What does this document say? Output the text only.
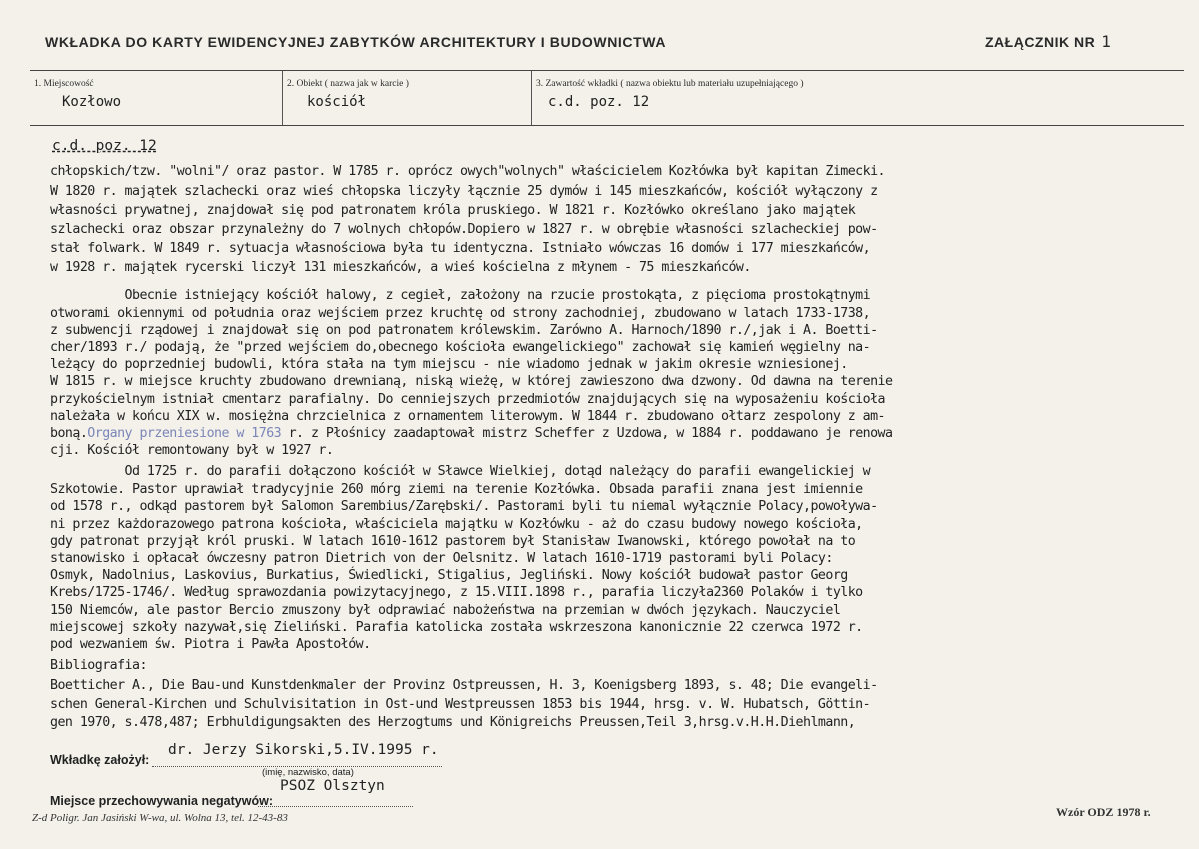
WKŁADKA DO KARTY EWIDENCYJNEJ ZABYTKÓW ARCHITEKTURY I BUDOWNICTWA	ZAŁĄCZNIK NR 1
1. Miejscowość
Kozłowo
2. Obiekt ( nazwa jak w karcie )
kościół
3. Zawartość wkładki ( nazwa obiektu lub materiału uzupełniającego )
c.d. poz. 12
c.d. poz. 12

chłopskich/tzw. "wolni"/ oraz pastor. W 1785 r. oprócz owych"wolnych" właścicielem Kozłówka był kapitan Zimecki.

W 1820 r. majątek szlachecki oraz wieś chłopska liczyły łącznie 25 dymów i 145 mieszkańców, kościół wyłączony z

własności prywatnej, znajdował się pod patronatem króla pruskiego. W 1821 r. Kozłówko określano jako majątek

szlachecki oraz obszar przynależny do 7 wolnych chłopów.Dopiero w 1827 r. w obrębie własności szlacheckiej pow-

stał folwark. W 1849 r. sytuacja własnościowa była tu identyczna. Istniało wówczas 16 domów i 177 mieszkańców,

w 1928 r. majątek rycerski liczył 131 mieszkańców, a wieś kościelna z młynem - 75 mieszkańców.

Obecnie istniejący kościół halowy, z cegieł, założony na rzucie prostokąta, z pięcioma prostokątnymi

otworami okiennymi od południa oraz wejściem przez kruchtę od strony zachodniej, zbudowano w latach 1733-1738,

z subwencji rządowej i znajdował się on pod patronatem królewskim. Zarówno A. Harnoch/1890 r./,jak i A. Boetti-

cher/1893 r./ podają, że "przed wejściem do,obecnego kościoła ewangelickiego" zachował się kamień węgielny na-

leżący do poprzedniej budowli, która stała na tym miejscu - nie wiadomo jednak w jakim okresie wzniesionej.

W 1815 r. w miejsce kruchty zbudowano drewnianą, niską wieżę, w której zawieszono dwa dzwony. Od dawna na terenie

przykościelnym istniał cmentarz parafialny. Do cenniejszych przedmiotów znajdujących się na wyposażeniu kościoła

należała w końcu XIX w. mosiężna chrzcielnica z ornamentem literowym. W 1844 r. zbudowano ołtarz zespolony z am-

boną.Organy przeniesione w 1763 r. z Płośnicy zaadaptował mistrz Scheffer z Uzdowa, w 1884 r. poddawano je renowa

cji. Kościół remontowany był w 1927 r.

Od 1725 r. do parafii dołączono kościół w Sławce Wielkiej, dotąd należący do parafii ewangelickiej w

Szkotowie. Pastor uprawiał tradycyjnie 260 mórg ziemi na terenie Kozłówka. Obsada parafii znana jest imiennie

od 1578 r., odkąd pastorem był Salomon Sarembius/Zarębski/. Pastorami byli tu niemal wyłącznie Polacy,powoływa-

ni przez każdorazowego patrona kościoła, właściciela majątku w Kozłówku - aż do czasu budowy nowego kościoła,

gdy patronat przyjął król pruski. W latach 1610-1612 pastorem był Stanisław Iwanowski, którego powołał na to

stanowisko i opłacał ówczesny patron Dietrich von der Oelsnitz. W latach 1610-1719 pastorami byli Polacy:

Osmyk, Nadolnius, Laskovius, Burkatius, Świedlicki, Stigalius, Jegliński. Nowy kościół budował pastor Georg

Krebs/1725-1746/. Według sprawozdania powizytacyjnego, z 15.VIII.1898 r., parafia liczyła2360 Polaków i tylko

150 Niemców, ale pastor Bercio zmuszony był odprawiać nabożeństwa na przemian w dwóch językach. Nauczyciel

miejscowej szkoły nazywał,się Zieliński. Parafia katolicka została wskrzeszona kanonicznie 22 czerwca 1972 r.

pod wezwaniem św. Piotra i Pawła Apostołów.

Bibliografia:

Boetticher A., Die Bau-und Kunstdenkmaler der Provinz Ostpreussen, H. 3, Koenigsberg 1893, s. 48; Die evangeli-

schen General-Kirchen und Schulvisitation in Ost-und Westpreussen 1853 bis 1944, hrsg. v. W. Hubatsch, Göttin-

gen 1970, s.478,487; Erbhuldigungsakten des Herzogtums und Königreichs Preussen,Teil 3,hrsg.v.H.H.Diehlmann,

Wkładkę założył:
dr. Jerzy Sikorski,5.IV.1995 r.
(imię, nazwisko, data)
Miejsce przechowywania negatywów:
PSOZ Olsztyn
Z-d Poligr. Jan Jasiński W-wa, ul. Wolna 13, tel. 12-43-83	Wzór ODZ 1978 r.
